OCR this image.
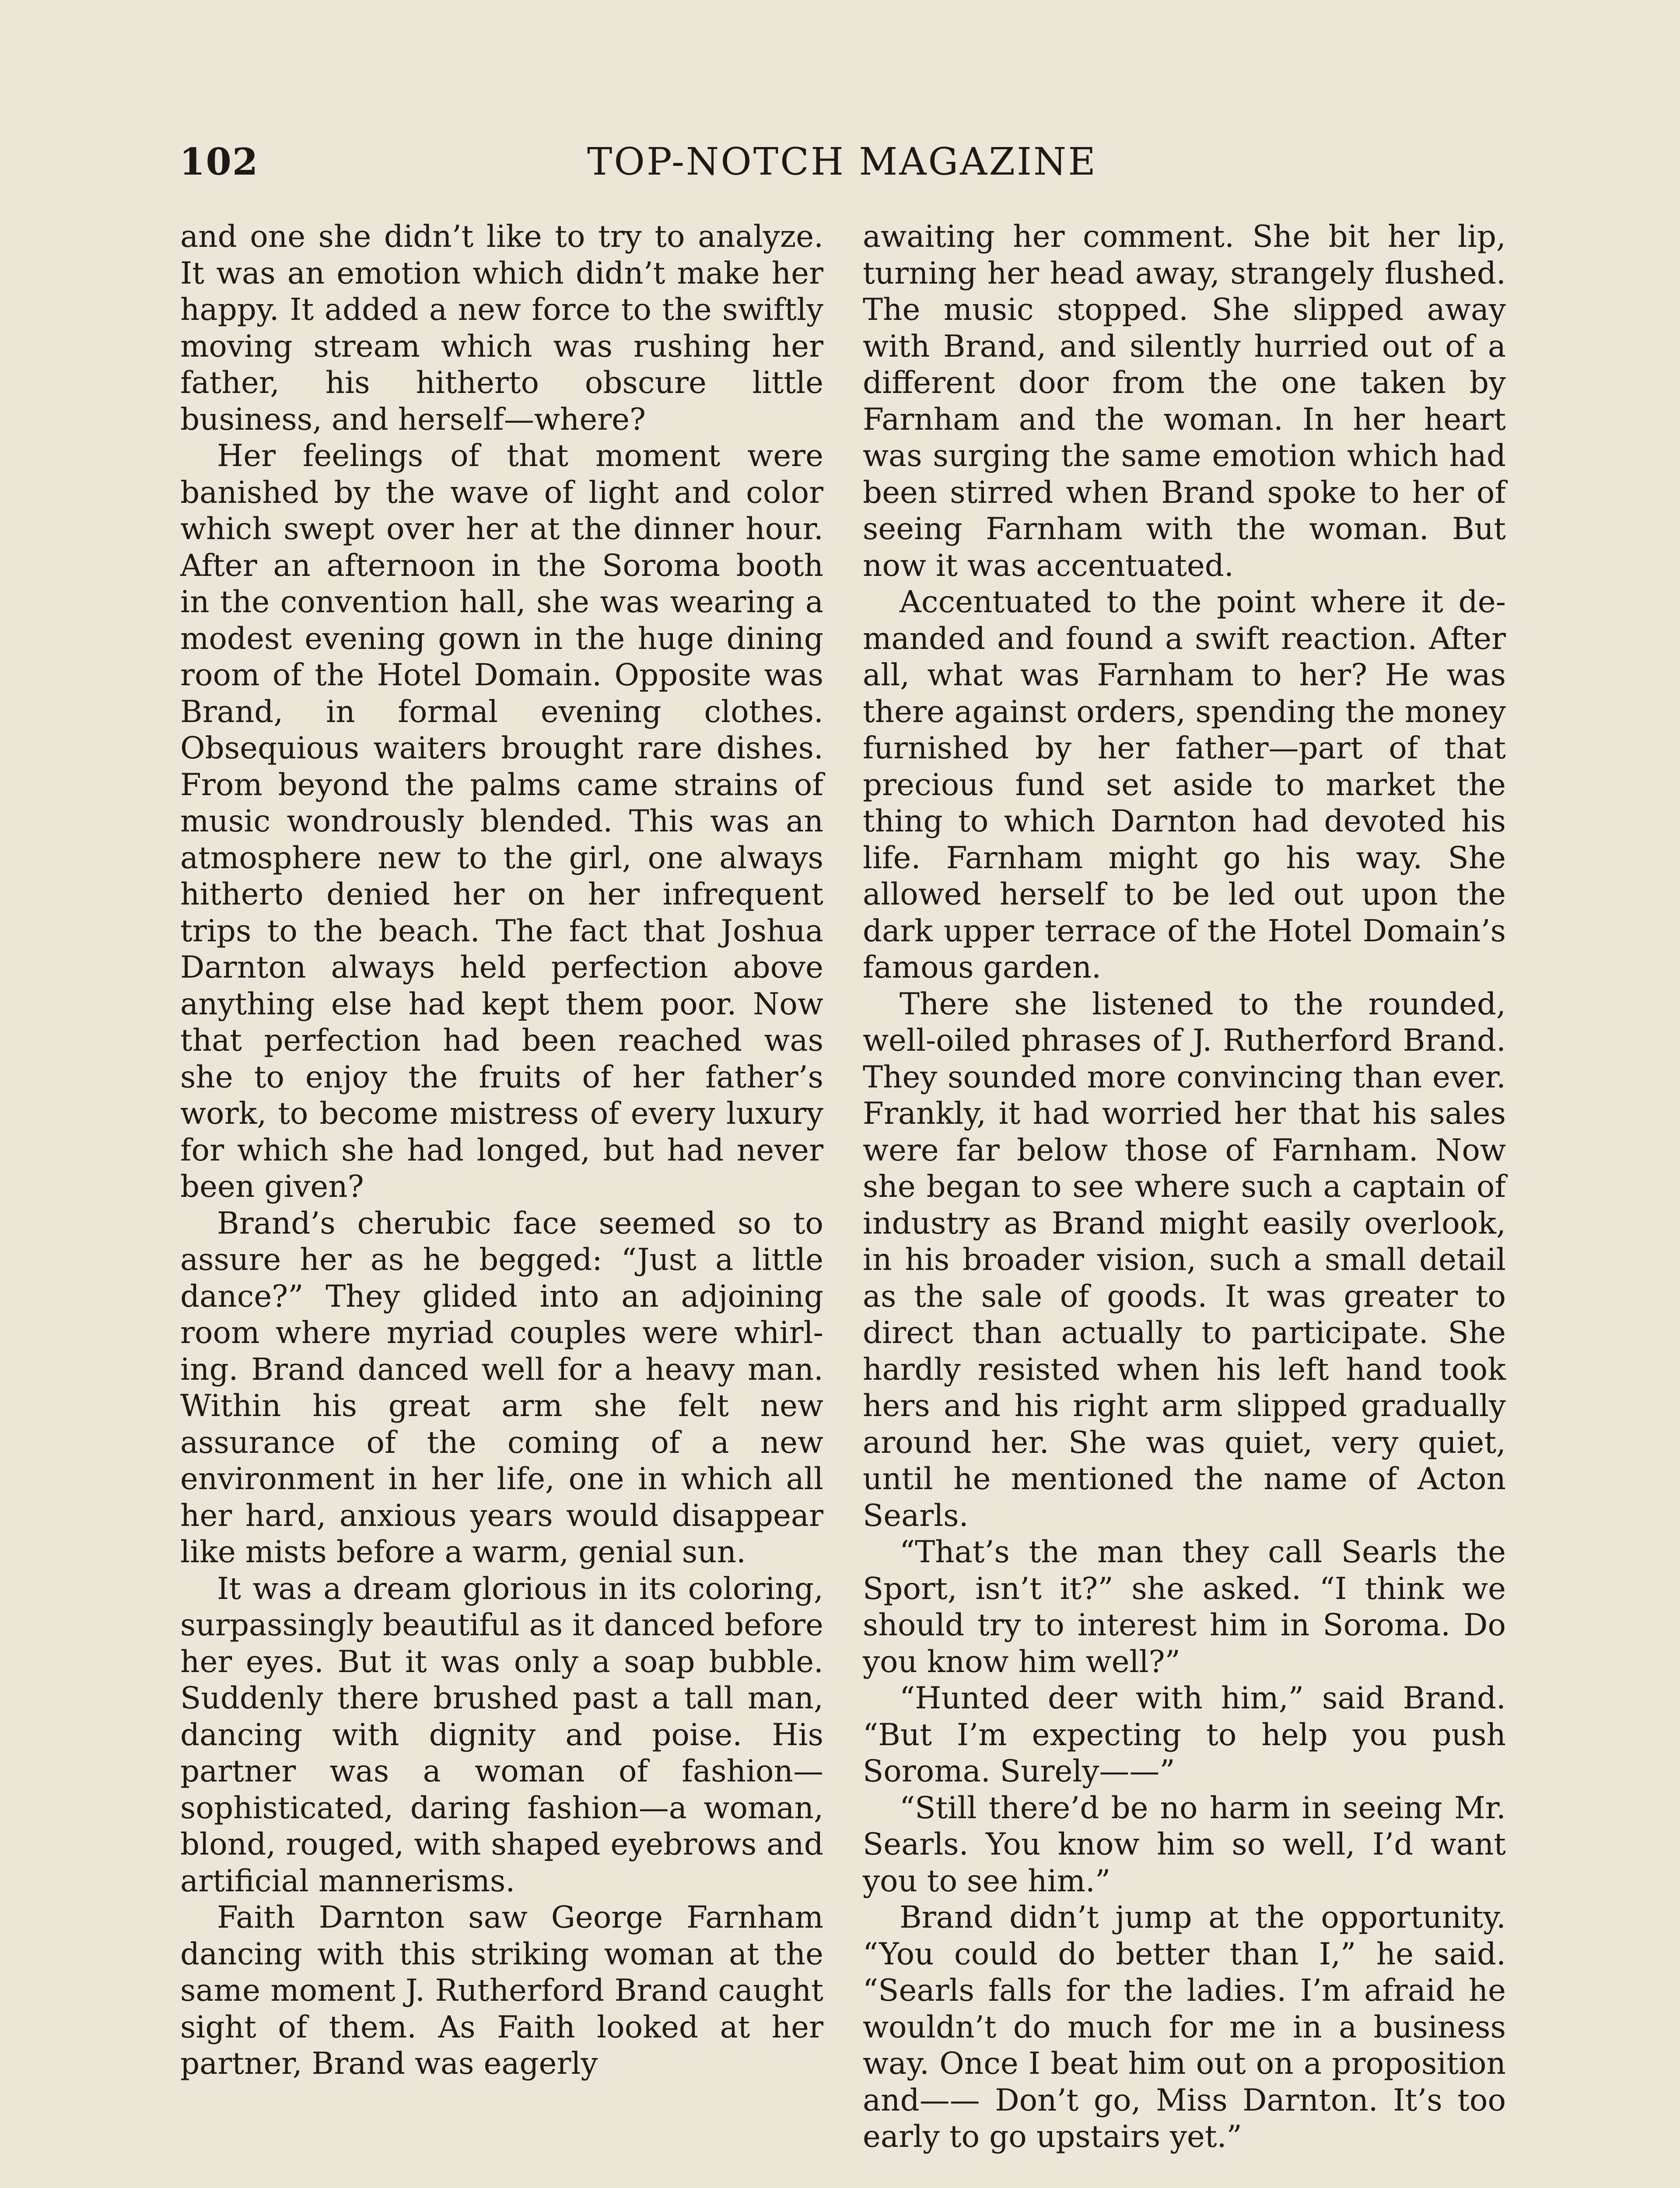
102	TOP-NOTCH MAGAZINE

and one she didn’t like to try to analyze. It was an emotion which didn’t make her happy. It added a new force to the swiftly moving stream which was rushing her father, his hitherto obscure little business, and herself—where?

Her feelings of that moment were banished by the wave of light and color which swept over her at the dinner hour. After an afternoon in the Soroma booth in the convention hall, she was wearing a modest evening gown in the huge dining room of the Hotel Domain. Opposite was Brand, in formal evening clothes. Obsequious waiters brought rare dishes. From beyond the palms came strains of music wondrously blended. This was an atmosphere new to the girl, one always hitherto denied her on her infrequent trips to the beach. The fact that Joshua Darnton always held perfection above anything else had kept them poor. Now that perfection had been reached was she to enjoy the fruits of her father’s work, to become mistress of every luxury for which she had longed, but had never been given?

Brand’s cherubic face seemed so to assure her as he begged: “Just a little dance?” They glided into an adjoining room where myriad couples were whirling. Brand danced well for a heavy man. Within his great arm she felt new assurance of the coming of a new environment in her life, one in which all her hard, anxious years would disappear like mists before a warm, genial sun.

It was a dream glorious in its coloring, surpassingly beautiful as it danced before her eyes. But it was only a soap bubble. Suddenly there brushed past a tall man, dancing with dignity and poise. His partner was a woman of fashion—sophisticated, daring fashion—a woman, blond, rouged, with shaped eyebrows and artificial mannerisms.

Faith Darnton saw George Farnham dancing with this striking woman at the same moment J. Rutherford Brand caught sight of them. As Faith looked at her partner, Brand was eagerly

awaiting her comment. She bit her lip, turning her head away, strangely flushed. The music stopped. She slipped away with Brand, and silently hurried out of a different door from the one taken by Farnham and the woman. In her heart was surging the same emotion which had been stirred when Brand spoke to her of seeing Farnham with the woman. But now it was accentuated.

Accentuated to the point where it demanded and found a swift reaction. After all, what was Farnham to her? He was there against orders, spending the money furnished by her father—part of that precious fund set aside to market the thing to which Darnton had devoted his life. Farnham might go his way. She allowed herself to be led out upon the dark upper terrace of the Hotel Domain’s famous garden.

There she listened to the rounded, well-oiled phrases of J. Rutherford Brand. They sounded more convincing than ever. Frankly, it had worried her that his sales were far below those of Farnham. Now she began to see where such a captain of industry as Brand might easily overlook, in his broader vision, such a small detail as the sale of goods. It was greater to direct than actually to participate. She hardly resisted when his left hand took hers and his right arm slipped gradually around her. She was quiet, very quiet, until he mentioned the name of Acton Searls.

“That’s the man they call Searls the Sport, isn’t it?” she asked. “I think we should try to interest him in Soroma. Do you know him well?”

“Hunted deer with him,” said Brand. “But I’m expecting to help you push Soroma. Surely——”

“Still there’d be no harm in seeing Mr. Searls. You know him so well, I’d want you to see him.”

Brand didn’t jump at the opportunity. “You could do better than I,” he said. “Searls falls for the ladies. I’m afraid he wouldn’t do much for me in a business way. Once I beat him out on a proposition and—— Don’t go, Miss Darnton. It’s too early to go upstairs yet.”
